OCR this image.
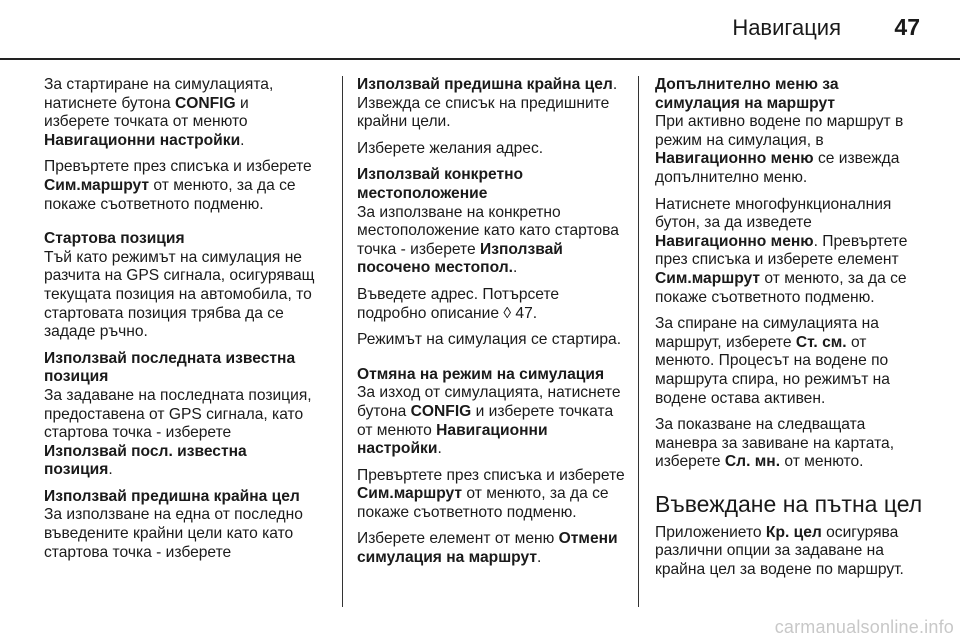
Навигация 47

За стартиране на симулацията, натиснете бутона CONFIG и изберете точката от менюто Навигационни настройки.

Превъртете през списъка и изберете Сим.маршрут от менюто, за да се покаже съответното подменю.

Стартова позиция

Тъй като режимът на симулация не разчита на GPS сигнала, осигуряващ текущата позиция на автомобила, то стартовата позиция трябва да се зададе ръчно.

Използвай последната известна позиция

За задаване на последната позиция, предоставена от GPS сигнала, като стартова точка - изберете Използвай посл. известна позиция.

Използвай предишна крайна цел

За използване на една от последно въведените крайни цели като като стартова точка - изберете

Използвай предишна крайна цел. Извежда се списък на предишните крайни цели.

Изберете желания адрес.

Използвай конкретно местоположение

За използване на конкретно местоположение като като стартова точка - изберете Използвай посочено местопол..

Въведете адрес. Потърсете подробно описание ◊ 47.

Режимът на симулация се стартира.

Отмяна на режим на симулация

За изход от симулацията, натиснете бутона CONFIG и изберете точката от менюто Навигационни настройки.

Превъртете през списъка и изберете Сим.маршрут от менюто, за да се покаже съответното подменю.

Изберете елемент от меню Отмени симулация на маршрут.

Допълнително меню за симулация на маршрут

При активно водене по маршрут в режим на симулация, в Навигационно меню се извежда допълнително меню.

Натиснете многофункционалния бутон, за да изведете Навигационно меню. Превъртете през списъка и изберете елемент Сим.маршрут от менюто, за да се покаже съответното подменю.

За спиране на симулацията на маршрут, изберете Ст. см. от менюто. Процесът на водене по маршрута спира, но режимът на водене остава активен.

За показване на следващата маневра за завиване на картата, изберете Сл. мн. от менюто.

Въвеждане на пътна цел

Приложението Кр. цел осигурява различни опции за задаване на крайна цел за водене по маршрут.

carmanualsonline.info
